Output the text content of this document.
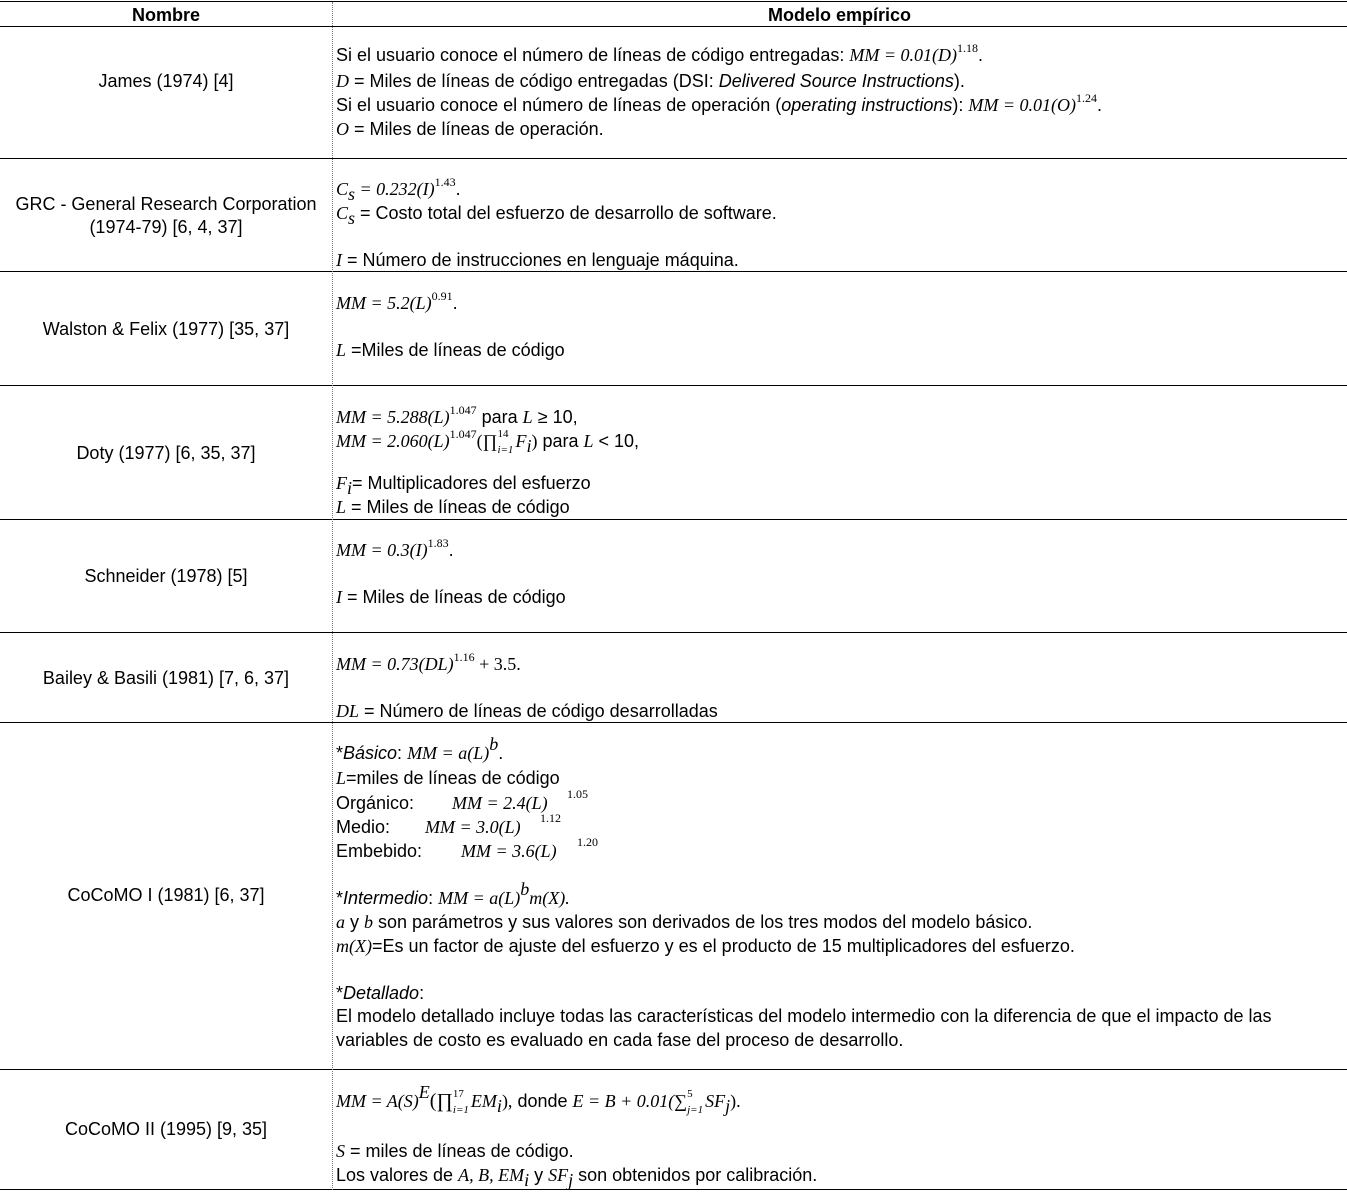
Nombre	Modelo empírico
James (1974) [4]
Si el usuario conoce el número de líneas de código entregadas: MM = $0.01(D)^{1.18}$.
D = Miles de líneas de código entregadas (DSI: Delivered Source Instructions).
Si el usuario conoce el número de líneas de operación (operating instructions): MM = $0.01(O)^{1.24}$.
O = Miles de líneas de operación.
GRC - General Research Corporation (1974-79) [6, 4, 37]
$C_s = 0.232(I)^{1.43}$.
$C_s$ = Costo total del esfuerzo de desarrollo de software.
I = Número de instrucciones en lenguaje máquina.
Walston & Felix (1977) [35, 37]
MM = $5.2(L)^{0.91}$.
L =Miles de líneas de código
Doty (1977) [6, 35, 37]
MM = $5.288(L)^{1.047}$ para L ≥ 10,
MM = $2.060(L)^{1.047}(\prod$ 14
i=1 $F_i$) para L < 10,
$F_i=$ Multiplicadores del esfuerzo
L = Miles de líneas de código
Schneider (1978) [5]
MM = $0.3(I)^{1.83}$.
I = Miles de líneas de código
Bailey & Basili (1981) [7, 6, 37]
MM = 0.73(DL)$^{1.16}$ + 3.5.
DL = Número de líneas de código desarrolladas
CoCoMO I (1981) [6, 37]
*Básico: MM = $a(L)^b$.
L=miles de líneas de código
Orgánico: MM = 2.4(L) 1.05
Medio: MM = 3.0(L) 1.12
Embebido: MM = 3.6(L) 1.20
*Intermedio: MM = $a(L)^bm(X)$.
a y b son parámetros y sus valores son derivados de los tres modos del modelo básico.
m(X)=Es un factor de ajuste del esfuerzo y es el producto de 15 multiplicadores del esfuerzo.
*Detallado:
El modelo detallado incluye todas las características del modelo intermedio con la diferencia de que el impacto de las variables de costo es evaluado en cada fase del proceso de desarrollo.
CoCoMO II (1995) [9, 35]
MM = $A(S)^E(\prod$ 17
i=1 $EM_i$), donde E = B + 0.01(∑ 5
j=1 $SF_j$).
S = miles de líneas de código.
Los valores de A, B, $EM_i$ y $SF_j$ son obtenidos por calibración.
